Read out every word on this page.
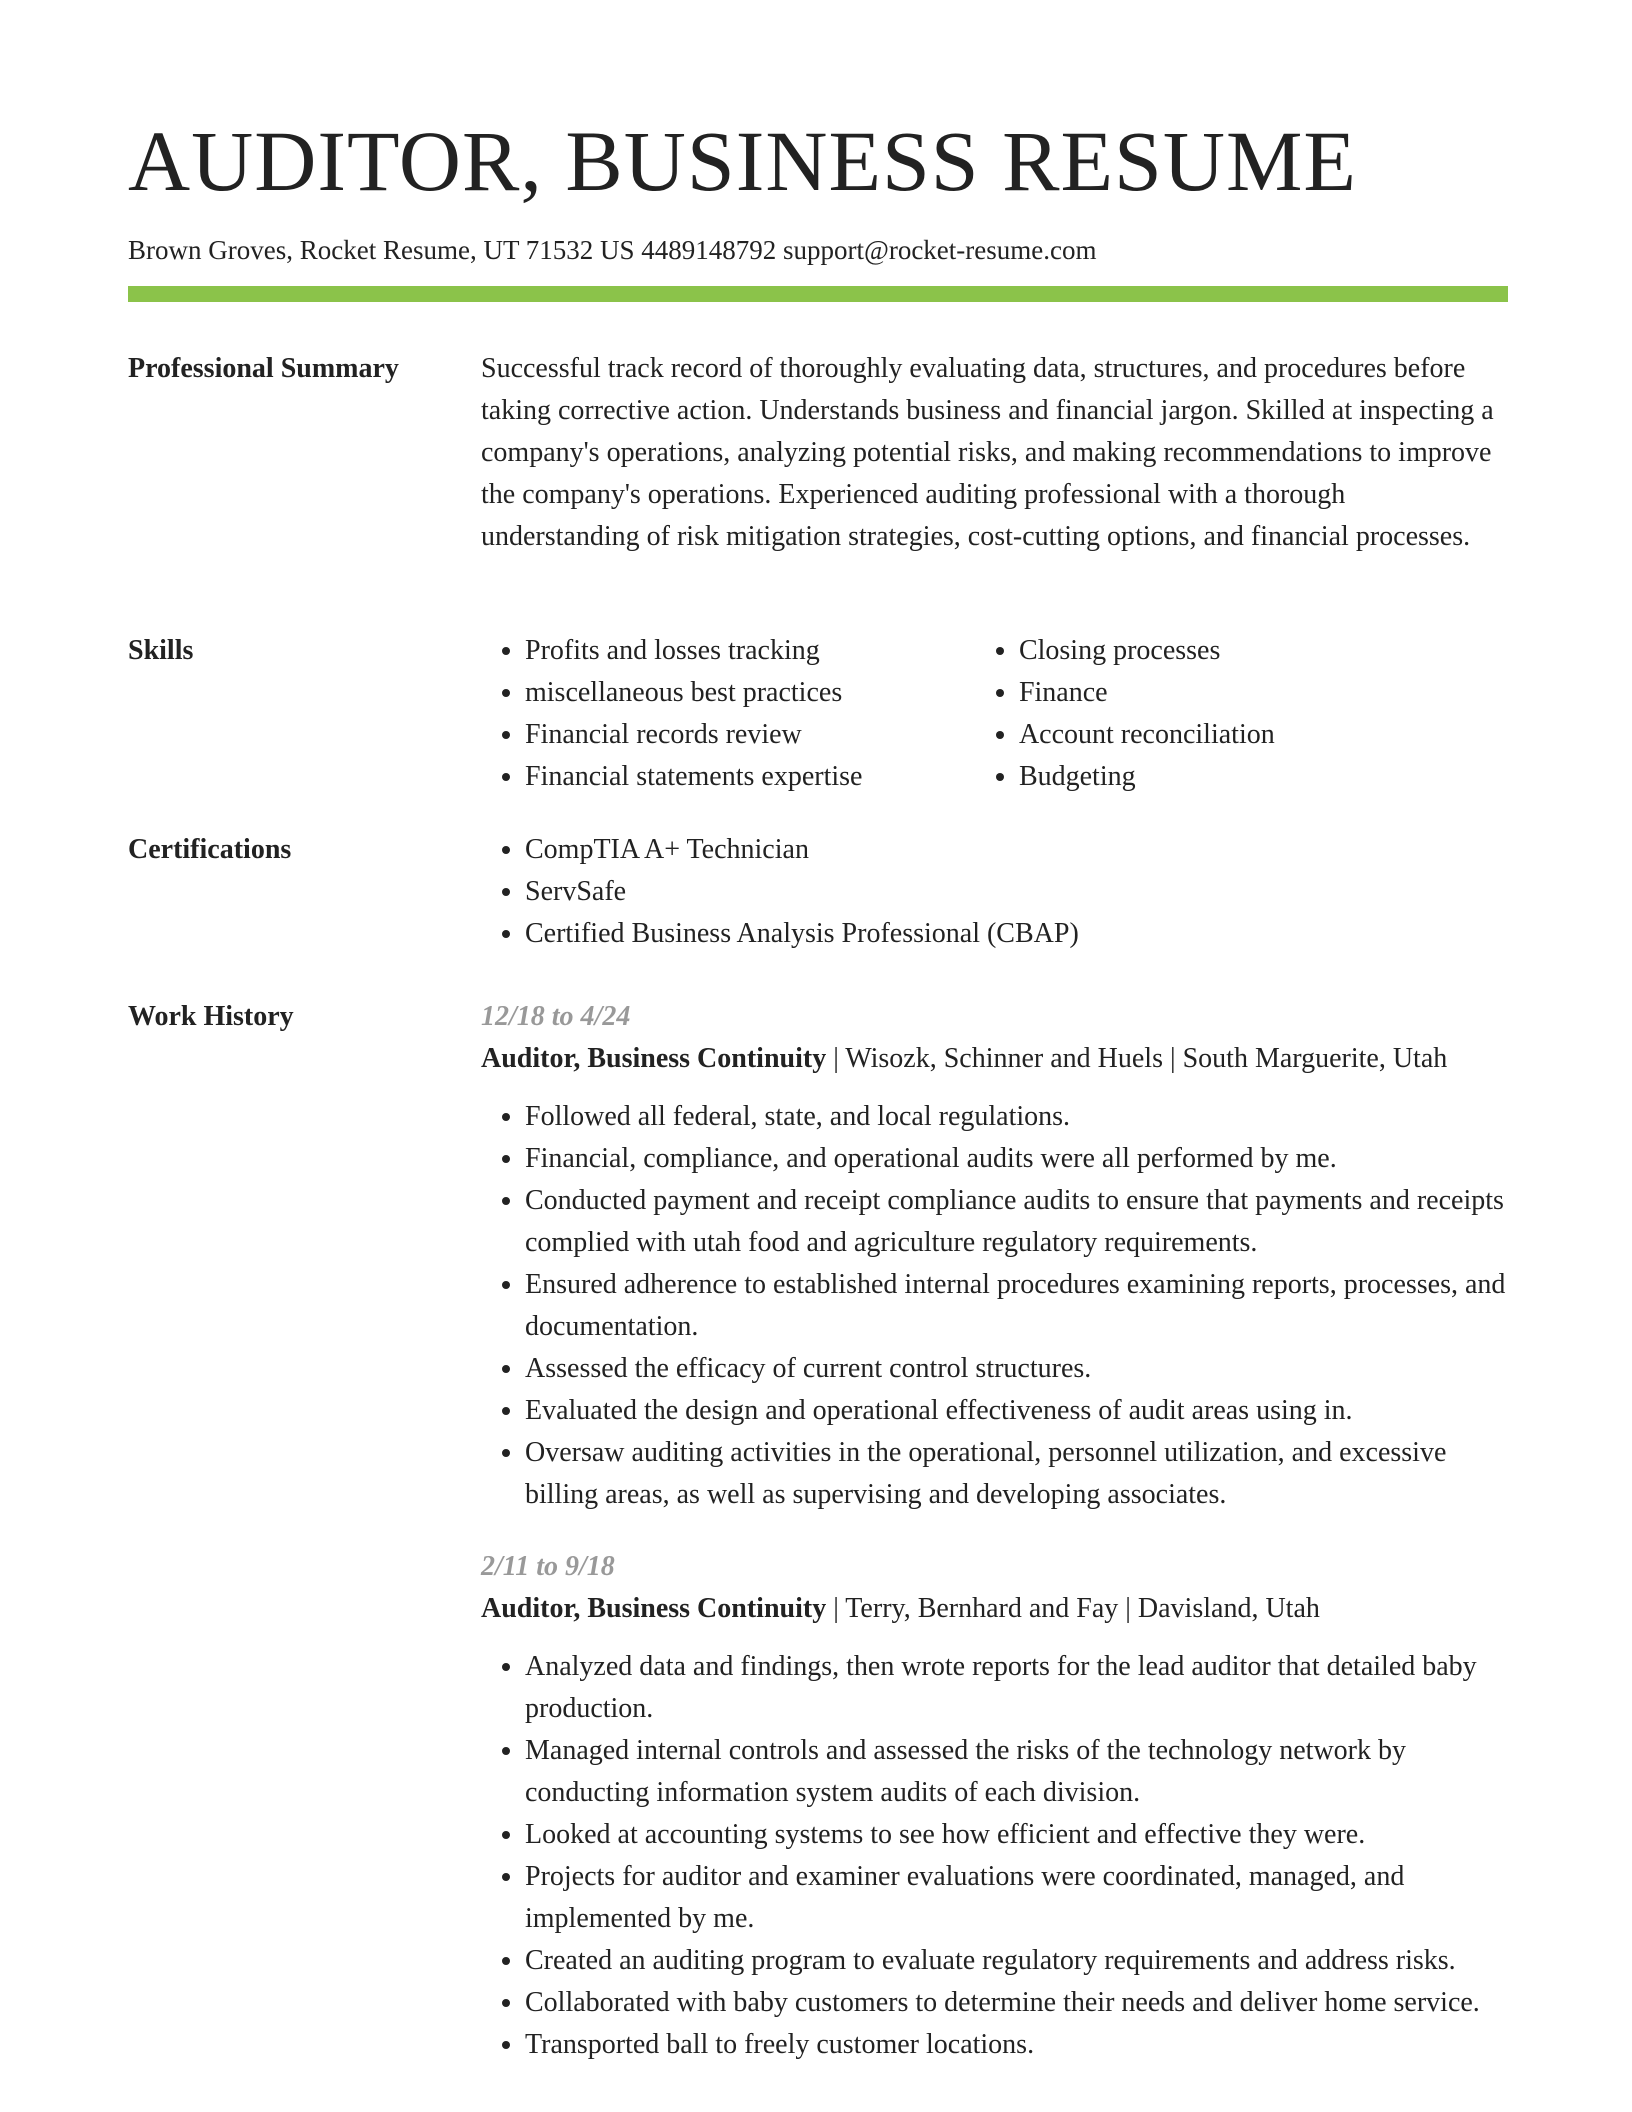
AUDITOR, BUSINESS RESUME
Brown Groves, Rocket Resume, UT 71532 US 4489148792 support@rocket-resume.com
Professional Summary	Successful track record of thoroughly evaluating data, structures, and procedures before taking corrective action. Understands business and financial jargon. Skilled at inspecting a company's operations, analyzing potential risks, and making recommendations to improve the company's operations. Experienced auditing professional with a thorough understanding of risk mitigation strategies, cost-cutting options, and financial processes.

Skills	• Profits and losses tracking
• miscellaneous best practices
• Financial records review
• Financial statements expertise
• Closing processes
• Finance
• Account reconciliation
• Budgeting
Certifications	• CompTIA A+ Technician
• ServSafe
• Certified Business Analysis Professional (CBAP)
Work History	12/18 to 4/24
Auditor, Business Continuity | Wisozk, Schinner and Huels | South Marguerite, Utah
• Followed all federal, state, and local regulations.
• Financial, compliance, and operational audits were all performed by me.
• Conducted payment and receipt compliance audits to ensure that payments and receipts complied with utah food and agriculture regulatory requirements.
• Ensured adherence to established internal procedures examining reports, processes, and documentation.
• Assessed the efficacy of current control structures.
• Evaluated the design and operational effectiveness of audit areas using in.
• Oversaw auditing activities in the operational, personnel utilization, and excessive billing areas, as well as supervising and developing associates.
2/11 to 9/18
Auditor, Business Continuity | Terry, Bernhard and Fay | Davisland, Utah
• Analyzed data and findings, then wrote reports for the lead auditor that detailed baby production.
• Managed internal controls and assessed the risks of the technology network by conducting information system audits of each division.
• Looked at accounting systems to see how efficient and effective they were.
• Projects for auditor and examiner evaluations were coordinated, managed, and implemented by me.
• Created an auditing program to evaluate regulatory requirements and address risks.
• Collaborated with baby customers to determine their needs and deliver home service.
• Transported ball to freely customer locations.
